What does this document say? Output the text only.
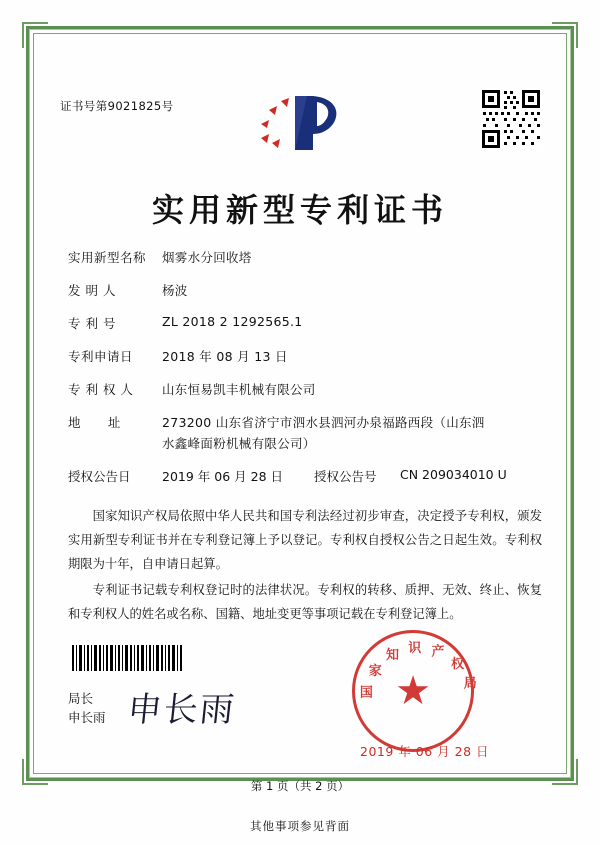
证书号第9021825号
实用新型专利证书
实用新型名称	烟雾水分回收塔
发 明 人	杨波
专 利 号	ZL 2018 2 1292565.1
专利申请日	2018 年 08 月 13 日
专 利 权 人	山东恒易凯丰机械有限公司
地      址	273200 山东省济宁市泗水县泗河办泉福路西段（山东泗
水鑫峰面粉机械有限公司）
授权公告日	2019 年 06 月 28 日 授权公告号	CN 209034010 U

国家知识产权局依照中华人民共和国专利法经过初步审查，决定授予专利权，颁发实用新型专利证书并在专利登记簿上予以登记。专利权自授权公告之日起生效。专利权期限为十年，自申请日起算。

专利证书记载专利权登记时的法律状况。专利权的转移、质押、无效、终止、恢复和专利权人的姓名或名称、国籍、地址变更等事项记载在专利登记簿上。

局长
申长雨 申长雨	国
家
知 识 产
权
局
★
2019 年 06 月 28 日
第 1 页（共 2 页）
其他事项参见背面
